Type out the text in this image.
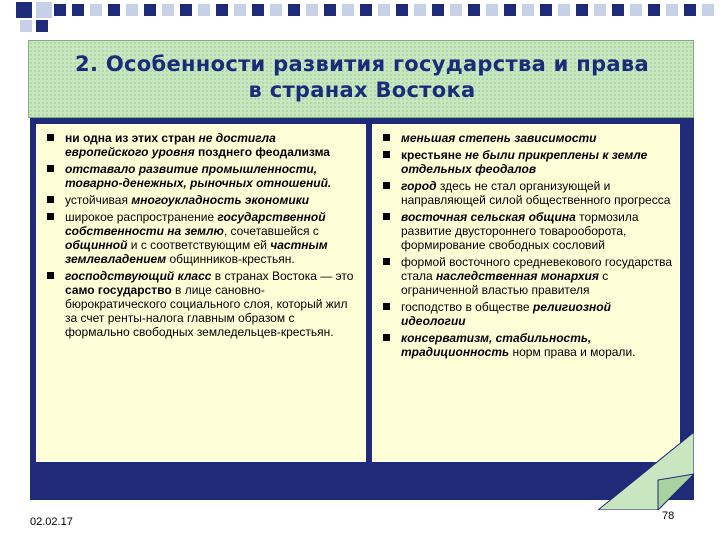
2. Особенности развития государства и права
в странах Востока
ни одна из этих стран не достигла европейского уровня позднего феодализма
отставало развитие промышленности, товарно-денежных, рыночных отношений.
устойчивая многоукладность экономики
широкое распространение государственной собственности на землю, сочетавшейся с общинной и с соответствующим ей частным землевладением общинников-крестьян.
господствующий класс в странах Востока — это само государство в лице сановно-бюрократического социального слоя, который жил за счет ренты-налога главным образом с формально свободных земледельцев-крестьян.
меньшая степень зависимости
крестьяне не были прикреплены к земле отдельных феодалов
город здесь не стал организующей и направляющей силой общественного прогресса
восточная сельская община тормозила развитие двустороннего товарооборота, формирование свободных сословий
формой восточного средневекового государства стала наследственная монархия с ограниченной властью правителя
господство в обществе религиозной идеологии
консерватизм, стабильность, традиционность норм права и морали.
02.02.17	78
